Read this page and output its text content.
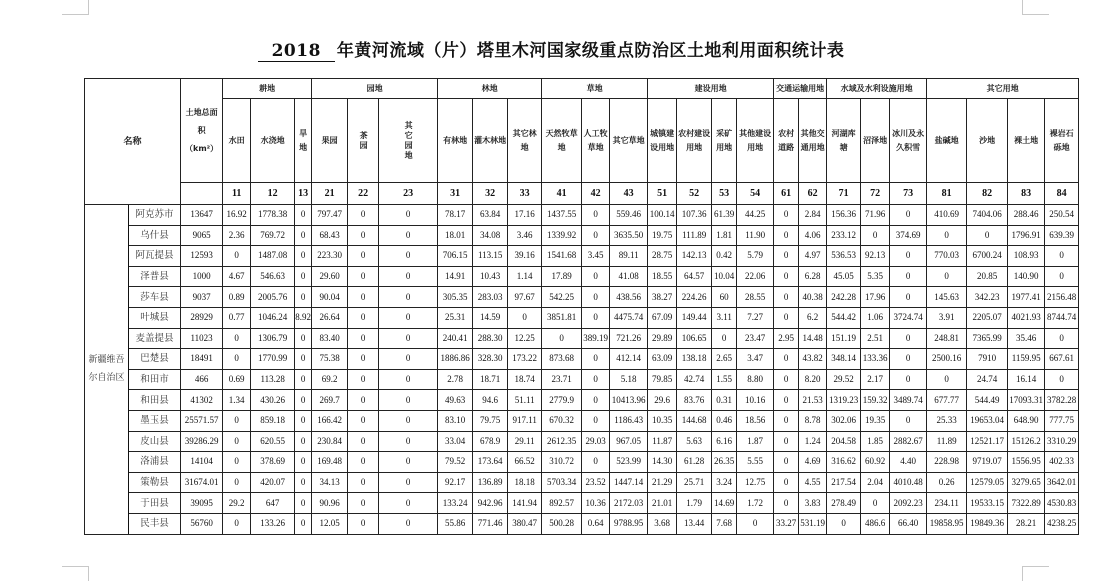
2018 年黄河流域（片）塔里木河国家级重点防治区土地利用面积统计表
名称		土地总面积（km²）	耕地			园地			林地			草地			建设用地				交通运输用地		水域及水利设施用地			其它用地			
			水田	水浇地	旱地	果园	茶园	其它园地	有林地	灌木林地	其它林地	天然牧草地	人工牧草地	其它草地	城镇建设用地	农村建设用地	采矿用地	其他建设用地	农村道路	其他交通用地	河湖库塘	沼泽地	冰川及永久积雪	盐碱地	沙地	裸土地	裸岩石砾地
			11	12	13	21	22	23	31	32	33	41	42	43	51	52	53	54	61	62	71	72	73	81	82	83	84
新疆维吾尔自治区	阿克苏市	13647	16.92	1778.38	0	797.47	0	0	78.17	63.84	17.16	1437.55	0	559.46	100.14	107.36	61.39	44.25	0	2.84	156.36	71.96	0	410.69	7404.06	288.46	250.54
	乌什县	9065	2.36	769.72	0	68.43	0	0	18.01	34.08	3.46	1339.92	0	3635.50	19.75	111.89	1.81	11.90	0	4.06	233.12	0	374.69	0	0	1796.91	639.39
	阿瓦提县	12593	0	1487.08	0	223.30	0	0	706.15	113.15	39.16	1541.68	3.45	89.11	28.75	142.13	0.42	5.79	0	4.97	536.53	92.13	0	770.03	6700.24	108.93	0
	泽普县	1000	4.67	546.63	0	29.60	0	0	14.91	10.43	1.14	17.89	0	41.08	18.55	64.57	10.04	22.06	0	6.28	45.05	5.35	0	0	20.85	140.90	0
	莎车县	9037	0.89	2005.76	0	90.04	0	0	305.35	283.03	97.67	542.25	0	438.56	38.27	224.26	60	28.55	0	40.38	242.28	17.96	0	145.63	342.23	1977.41	2156.48
	叶城县	28929	0.77	1046.24	8.92	26.64	0	0	25.31	14.59	0	3851.81	0	4475.74	67.09	149.44	3.11	7.27	0	6.2	544.42	1.06	3724.74	3.91	2205.07	4021.93	8744.74
	麦盖提县	11023	0	1306.79	0	83.40	0	0	240.41	288.30	12.25	0	389.19	721.26	29.89	106.65	0	23.47	2.95	14.48	151.19	2.51	0	248.81	7365.99	35.46	0
	巴楚县	18491	0	1770.99	0	75.38	0	0	1886.86	328.30	173.22	873.68	0	412.14	63.09	138.18	2.65	3.47	0	43.82	348.14	133.36	0	2500.16	7910	1159.95	667.61
	和田市	466	0.69	113.28	0	69.2	0	0	2.78	18.71	18.74	23.71	0	5.18	79.85	42.74	1.55	8.80	0	8.20	29.52	2.17	0	0	24.74	16.14	0
	和田县	41302	1.34	430.26	0	269.7	0	0	49.63	94.6	51.11	2779.9	0	10413.96	29.6	83.76	0.31	10.16	0	21.53	1319.23	159.32	3489.74	677.77	544.49	17093.31	3782.28
	墨玉县	25571.57	0	859.18	0	166.42	0	0	83.10	79.75	917.11	670.32	0	1186.43	10.35	144.68	0.46	18.56	0	8.78	302.06	19.35	0	25.33	19653.04	648.90	777.75
	皮山县	39286.29	0	620.55	0	230.84	0	0	33.04	678.9	29.11	2612.35	29.03	967.05	11.87	5.63	6.16	1.87	0	1.24	204.58	1.85	2882.67	11.89	12521.17	15126.2	3310.29
	洛浦县	14104	0	378.69	0	169.48	0	0	79.52	173.64	66.52	310.72	0	523.99	14.30	61.28	26.35	5.55	0	4.69	316.62	60.92	4.40	228.98	9719.07	1556.95	402.33
	策勒县	31674.01	0	420.07	0	34.13	0	0	92.17	136.89	18.18	5703.34	23.52	1447.14	21.29	25.71	3.24	12.75	0	4.55	217.54	2.04	4010.48	0.26	12579.05	3279.65	3642.01
	于田县	39095	29.2	647	0	90.96	0	0	133.24	942.96	141.94	892.57	10.36	2172.03	21.01	1.79	14.69	1.72	0	3.83	278.49	0	2092.23	234.11	19533.15	7322.89	4530.83
	民丰县	56760	0	133.26	0	12.05	0	0	55.86	771.46	380.47	500.28	0.64	9788.95	3.68	13.44	7.68	0	33.27	531.19	0	486.6	66.40	19858.95	19849.36	28.21	4238.25
